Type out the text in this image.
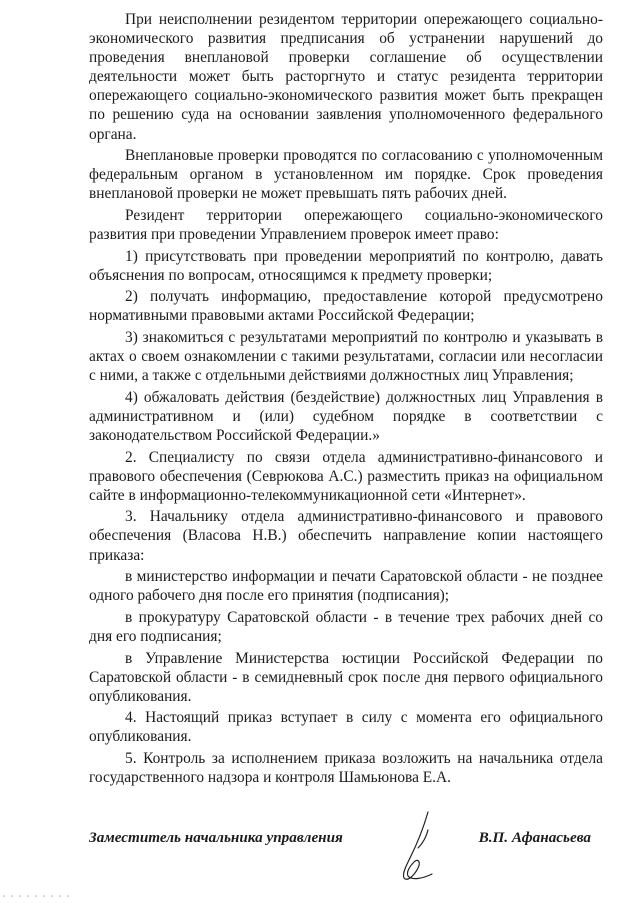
При неисполнении резидентом территории опережающего социально-экономического развития предписания об устранении нарушений до проведения внеплановой проверки соглашение об осуществлении деятельности может быть расторгнуто и статус резидента территории опережающего социально-экономического развития может быть прекращен по решению суда на основании заявления уполномоченного федерального органа.

Внеплановые проверки проводятся по согласованию с уполномоченным федеральным органом в установленном им порядке. Срок проведения внеплановой проверки не может превышать пять рабочих дней.

Резидент территории опережающего социально-экономического развития при проведении Управлением проверок имеет право:

1) присутствовать при проведении мероприятий по контролю, давать объяснения по вопросам, относящимся к предмету проверки;

2) получать информацию, предоставление которой предусмотрено нормативными правовыми актами Российской Федерации;

3) знакомиться с результатами мероприятий по контролю и указывать в актах о своем ознакомлении с такими результатами, согласии или несогласии с ними, а также с отдельными действиями должностных лиц Управления;

4) обжаловать действия (бездействие) должностных лиц Управления в административном и (или) судебном порядке в соответствии с законодательством Российской Федерации.»

2. Специалисту по связи отдела административно-финансового и правового обеспечения (Севрюкова А.С.) разместить приказ на официальном сайте в информационно-телекоммуникационной сети «Интернет».

3. Начальнику отдела административно-финансового и правового обеспечения (Власова Н.В.) обеспечить направление копии настоящего приказа:

в министерство информации и печати Саратовской области - не позднее одного рабочего дня после его принятия (подписания);

в прокуратуру Саратовской области - в течение трех рабочих дней со дня его подписания;

в Управление Министерства юстиции Российской Федерации по Саратовской области - в семидневный срок после дня первого официального опубликования.

4. Настоящий приказ вступает в силу с момента его официального опубликования.

5. Контроль за исполнением приказа возложить на начальника отдела государственного надзора и контроля Шамьюнова Е.А.

Заместитель начальника управления	В.П. Афанасьева
